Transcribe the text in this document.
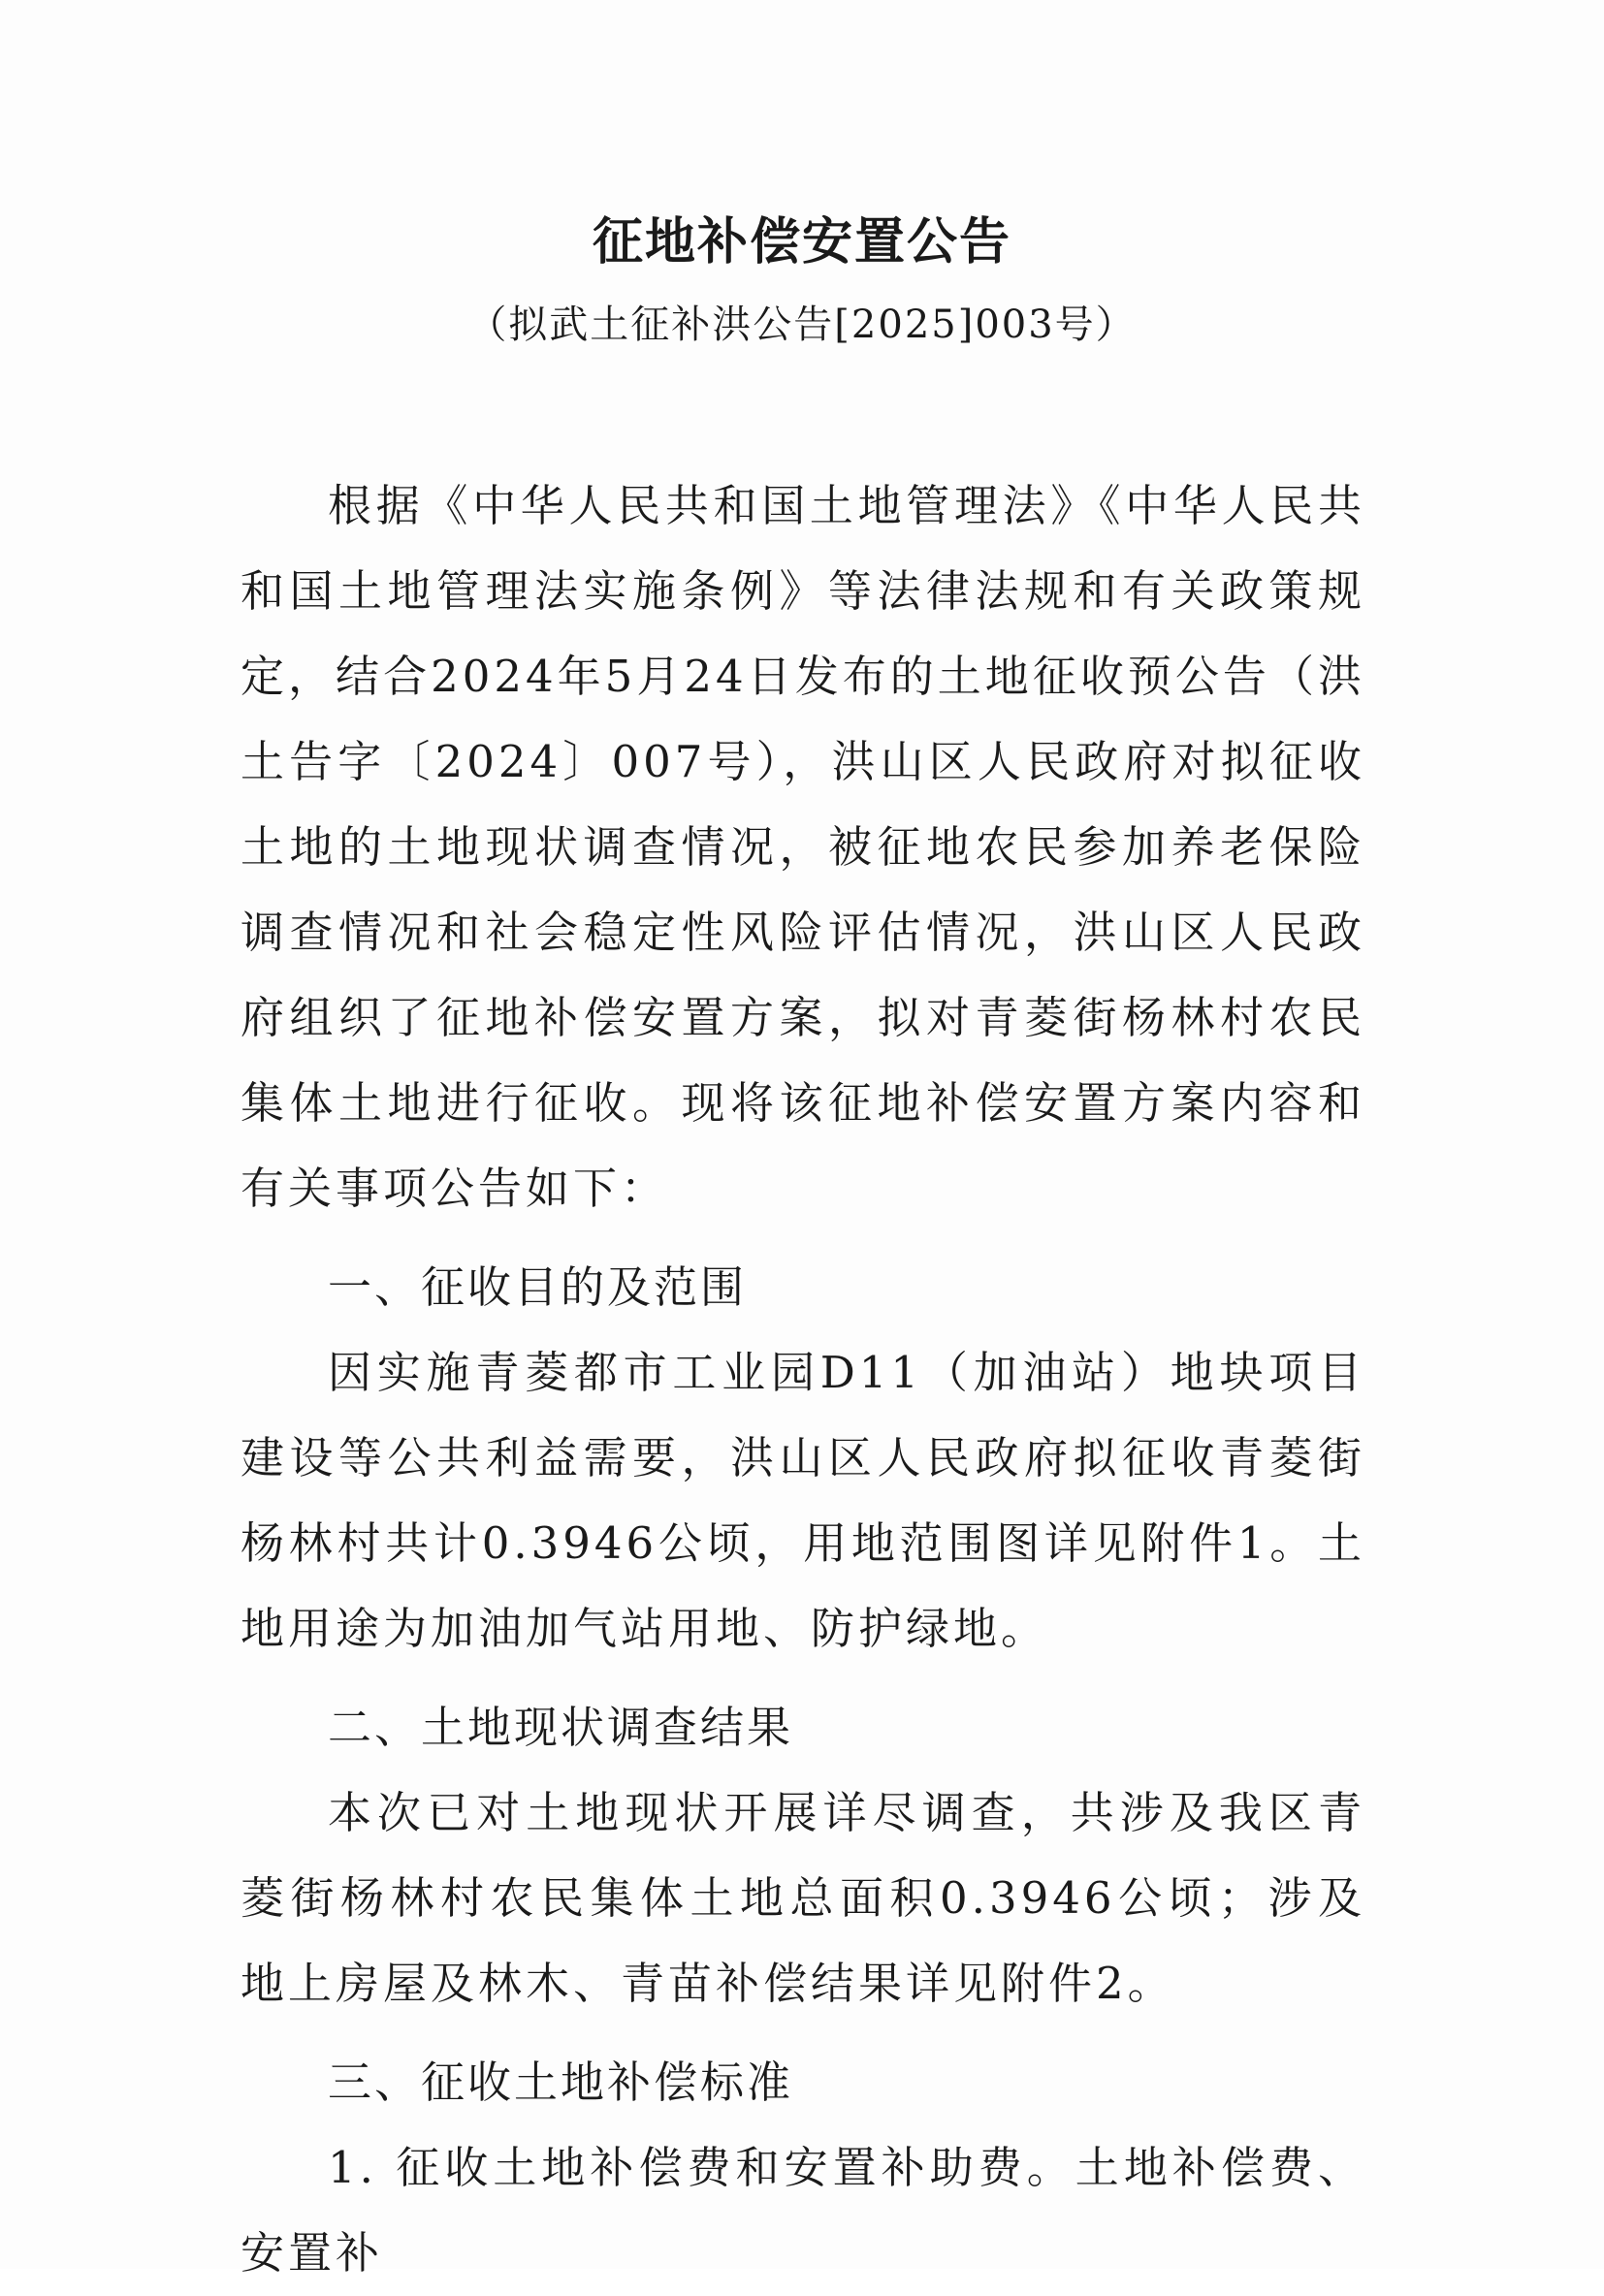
征地补偿安置公告
（拟武土征补洪公告[2025]003号）

根据《中华人民共和国土地管理法》《中华人民共和国土地管理法实施条例》等法律法规和有关政策规定，结合2024年5月24日发布的土地征收预公告（洪土告字〔2024〕007号），洪山区人民政府对拟征收土地的土地现状调查情况，被征地农民参加养老保险调查情况和社会稳定性风险评估情况，洪山区人民政府组织了征地补偿安置方案，拟对青菱街杨林村农民集体土地进行征收。现将该征地补偿安置方案内容和有关事项公告如下：

一、征收目的及范围

因实施青菱都市工业园D11（加油站）地块项目建设等公共利益需要，洪山区人民政府拟征收青菱街杨林村共计0.3946公顷，用地范围图详见附件1。土地用途为加油加气站用地、防护绿地。

二、土地现状调查结果

本次已对土地现状开展详尽调查，共涉及我区青菱街杨林村农民集体土地总面积0.3946公顷；涉及地上房屋及林木、青苗补偿结果详见附件2。

三、征收土地补偿标准

1. 征收土地补偿费和安置补助费。土地补偿费、安置补
